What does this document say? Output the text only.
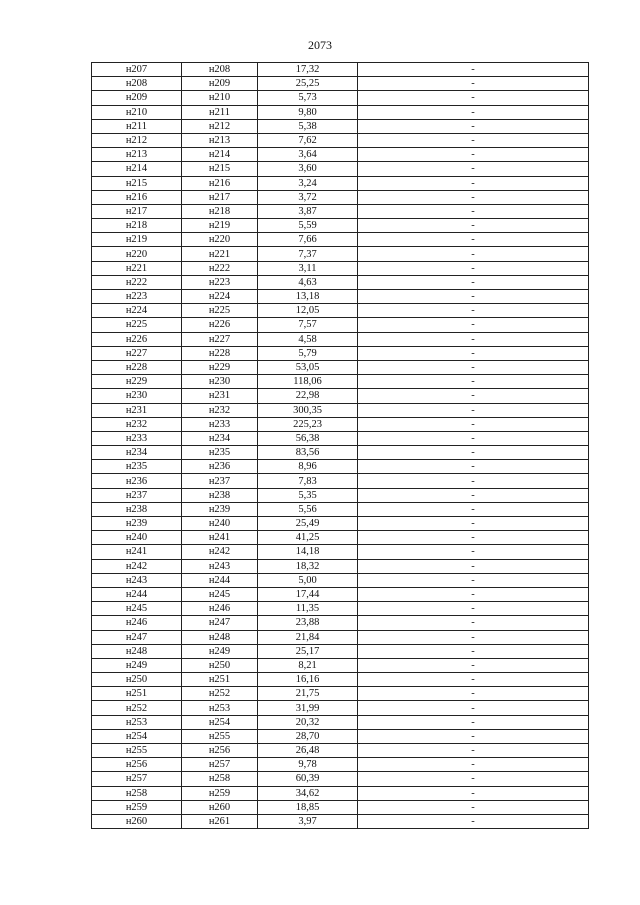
2073
н207	н208	17,32	-
н208	н209	25,25	-
н209	н210	5,73	-
н210	н211	9,80	-
н211	н212	5,38	-
н212	н213	7,62	-
н213	н214	3,64	-
н214	н215	3,60	-
н215	н216	3,24	-
н216	н217	3,72	-
н217	н218	3,87	-
н218	н219	5,59	-
н219	н220	7,66	-
н220	н221	7,37	-
н221	н222	3,11	-
н222	н223	4,63	-
н223	н224	13,18	-
н224	н225	12,05	-
н225	н226	7,57	-
н226	н227	4,58	-
н227	н228	5,79	-
н228	н229	53,05	-
н229	н230	118,06	-
н230	н231	22,98	-
н231	н232	300,35	-
н232	н233	225,23	-
н233	н234	56,38	-
н234	н235	83,56	-
н235	н236	8,96	-
н236	н237	7,83	-
н237	н238	5,35	-
н238	н239	5,56	-
н239	н240	25,49	-
н240	н241	41,25	-
н241	н242	14,18	-
н242	н243	18,32	-
н243	н244	5,00	-
н244	н245	17,44	-
н245	н246	11,35	-
н246	н247	23,88	-
н247	н248	21,84	-
н248	н249	25,17	-
н249	н250	8,21	-
н250	н251	16,16	-
н251	н252	21,75	-
н252	н253	31,99	-
н253	н254	20,32	-
н254	н255	28,70	-
н255	н256	26,48	-
н256	н257	9,78	-
н257	н258	60,39	-
н258	н259	34,62	-
н259	н260	18,85	-
н260	н261	3,97	-
